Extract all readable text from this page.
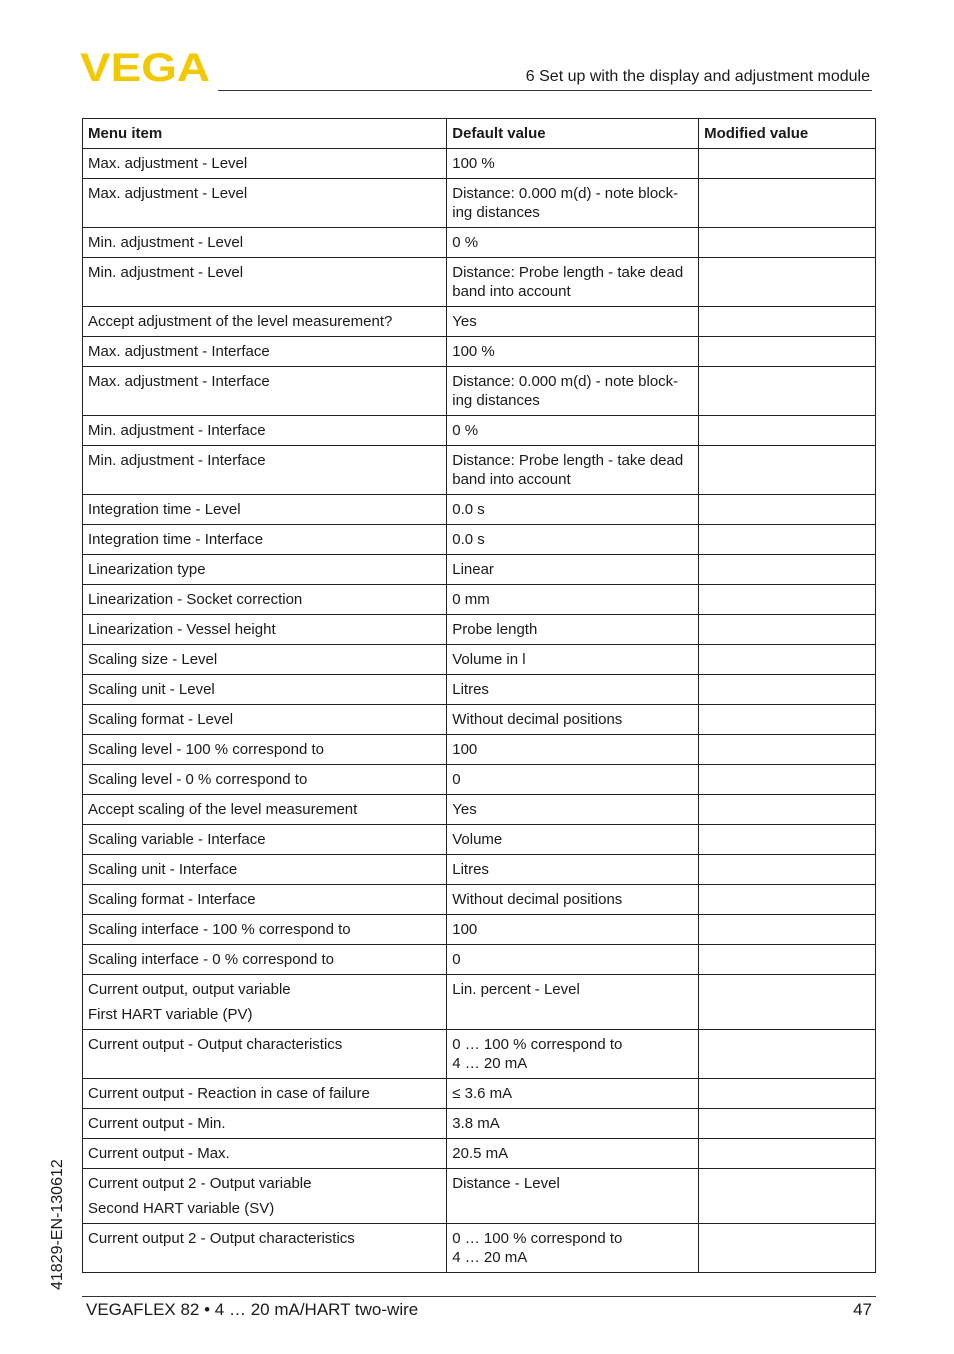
VEGA	6 Set up with the display and adjustment module
Menu item	Default value	Modified value
Max. adjustment - Level	100 %	
Max. adjustment - Level	Distance: 0.000 m(d) - note block-ing distances	
Min. adjustment - Level	0 %	
Min. adjustment - Level	Distance: Probe length - take dead band into account	
Accept adjustment of the level measurement?	Yes	
Max. adjustment - Interface	100 %	
Max. adjustment - Interface	Distance: 0.000 m(d) - note block-ing distances	
Min. adjustment - Interface	0 %	
Min. adjustment - Interface	Distance: Probe length - take dead band into account	
Integration time - Level	0.0 s	
Integration time - Interface	0.0 s	
Linearization type	Linear	
Linearization - Socket correction	0 mm	
Linearization - Vessel height	Probe length	
Scaling size - Level	Volume in l	
Scaling unit - Level	Litres	
Scaling format - Level	Without decimal positions	
Scaling level - 100 % correspond to	100	
Scaling level - 0 % correspond to	0	
Accept scaling of the level measurement	Yes	
Scaling variable - Interface	Volume	
Scaling unit - Interface	Litres	
Scaling format - Interface	Without decimal positions	
Scaling interface - 100 % correspond to	100	
Scaling interface - 0 % correspond to	0	
Current output, output variable
First HART variable (PV)	Lin. percent - Level	
Current output - Output characteristics	0 … 100 % correspond to
4 … 20 mA	
Current output - Reaction in case of failure	≤ 3.6 mA	
Current output - Min.	3.8 mA	
Current output - Max.	20.5 mA	
Current output 2 - Output variable
Second HART variable (SV)	Distance - Level	
Current output 2 - Output characteristics	0 … 100 % correspond to
4 … 20 mA	
VEGAFLEX 82 • 4 … 20 mA/HART two-wire	47
41829-EN-130612
